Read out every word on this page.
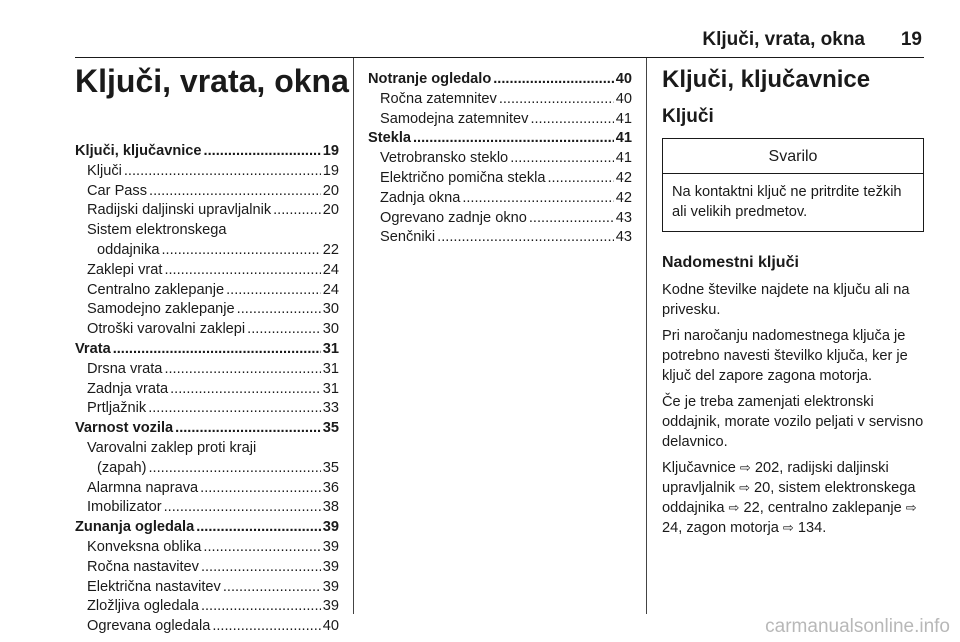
Ključi, vrata, okna 19
Ključi, vrata, okna
Ključi, ključavnice .....	19
Ključi .....	19
Car Pass .....	20
Radijski daljinski upravljalnik .....	20
Sistem elektronskega
oddajnika .....	22
Zaklepi vrat .....	24
Centralno zaklepanje .....	24
Samodejno zaklepanje .....	30
Otroški varovalni zaklepi .....	30
Vrata .....	31
Drsna vrata .....	31
Zadnja vrata .....	31
Prtljažnik .....	33
Varnost vozila .....	35
Varovalni zaklep proti kraji
(zapah) .....	35
Alarmna naprava .....	36
Imobilizator .....	38
Zunanja ogledala .....	39
Konveksna oblika .....	39
Ročna nastavitev .....	39
Električna nastavitev .....	39
Zložljiva ogledala .....	39
Ogrevana ogledala .....	40
Notranje ogledalo .....	40
Ročna zatemnitev .....	40
Samodejna zatemnitev .....	41
Stekla .....	41
Vetrobransko steklo .....	41
Električno pomična stekla .....	42
Zadnja okna .....	42
Ogrevano zadnje okno .....	43
Senčniki .....	43
Ključi, ključavnice
Ključi
Svarilo
Na kontaktni ključ ne pritrdite težkih ali velikih predmetov.
Nadomestni ključi

Kodne številke najdete na ključu ali na privesku.

Pri naročanju nadomestnega ključa je potrebno navesti številko ključa, ker je ključ del zapore zagona motorja.

Če je treba zamenjati elektronski oddajnik, morate vozilo peljati v servisno delavnico.

Ključavnice ⇨ 202, radijski daljinski upravljalnik ⇨ 20, sistem elektronskega oddajnika ⇨ 22, centralno zaklepanje ⇨ 24, zagon motorja ⇨ 134.

carmanualsonline.info
